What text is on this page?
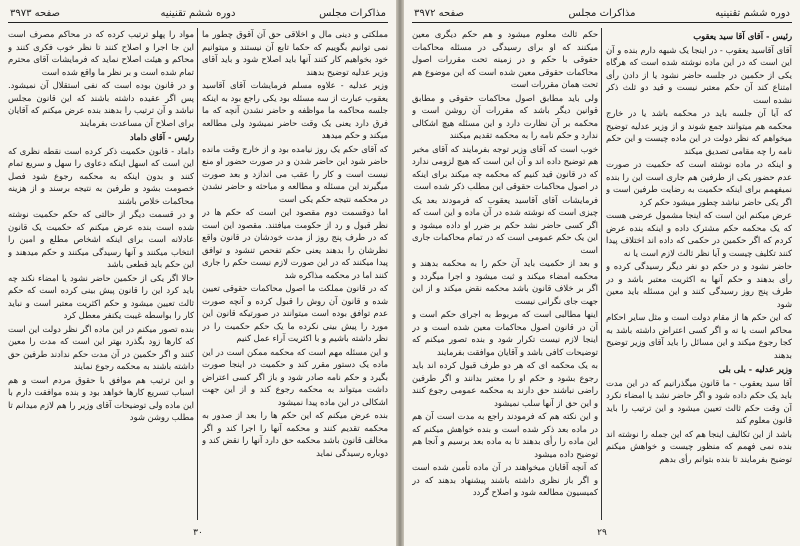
مذاکرات مجلس
دوره ششم تقنینیه
صفحه ۳۹۷۳

مملکتی و دینی مال و اخلاقی حق آن آقوق چطور ما نمی توانیم بگوییم که حکما تابع آن نیستند و میتوانیم خود بخواهیم کار کنند آنها باید اصلاح شود و باید آقای وزیر عدلیه توضیح بدهند

وزیر عدلیه - علاوه مسلم فرمایشات آقای آقاسید یعقوب عبارت از سه مسئله بود یکی راجع بود به اینکه جلسه محاکمه ما مواظفه و حاضر نشدن آنچه که ما فرق دارد یعنی یک وقت حاضر نمیشود ولی مطالعه میکند و حکم میدهد

که آقای حکم یک روز نیامده بود و از خارج وقت مانده حاضر شود این حاضر شدن و در صورت حضور او منع نیست است و کار را عقب می اندازد و بعد صورت میگیرند این مسئله و مطالعه و مباحثه و حاضر نشدن در محکمه نتیجه حکم یکی است

اما دوقسمت دوم مقصود این است که حکم ها در نظر قبول و رد از حکومت میافتند. مقصود این است که در طرف پنج روز از مدت خودشان در قانون واقع نظرشان را بدهند یعنی حکم تفحص تنشود و توافق پیدا میکنند که در این صورت لازم نیست حکم را جاری کنند اما در محکمه مذاکره شد

که در قانون مملکت ما اصول محاکمات حقوقی تعیین شده و قانون آن روش را قبول کرده و آنچه صورت عدم توافق بوده است میتوانند در صورتیکه قانون این مورد را پیش بینی نکرده ما یک حکم حکمیت را در نظر داشته باشیم و با اکثریت آراء عمل کنیم

و این مسئله مهم است که محکمه ممکن است در این ماده یک دستور مقرر کند و حکمیت در اینجا صورت بگیرد و حکم نامه صادر شود و باز اگر کسی اعتراض داشت میتواند به محکمه رجوع کند و از این جهت اشکالی در این ماده پیدا نمیشود

بنده عرض میکنم که این حکم ها را بعد از صدور به محکمه تقدیم کنند و محکمه آنها را اجرا کند و اگر مخالف قانون باشد محکمه حق دارد آنها را نقض کند و دوباره رسیدگی نماید

مواد را پهلو ترتیب کرده که در محاکم مصرف است این جا اجرا و اصلاح کنند تا نظر خوب فکری کنند و محاکم و هیئت اصلاح نماید که فرمایشات آقای محترم تمام شده است و بر نظر ما واقع شده است

و در قانون بوده است که نفی استقلال آن نمیشود. پس اگر عقیده داشته باشند که این قانون مجلس نباشد و آن ترتیب را بدهند بنده عرض میکنم که آقایان برای اصلاح آن مساعدت بفرمایند

رئیس - آقای داماد

داماد - قانون حکمیت ذکر کرده است نقطه نظری که این است که اسهل اینکه دعاوی را سهل و سریع تمام کنند و بدون اینکه به محکمه رجوع شود فصل خصومت بشود و طرفین به نتیجه برسند و از هزینه محاکمات خلاص باشند

و در قسمت دیگر از حالتی که حکم حکمیت نوشته شده است بنده عرض میکنم که حکمیت یک قانون عادلانه است برای اینکه اشخاص مطلع و امین را انتخاب میکنند و آنها رسیدگی میکنند و حکم میدهند و این حکم باید قطعی باشد

حالا اگر یکی از حکمین حاضر نشود یا امضاء نکند چه باید کرد این را قانون پیش بینی کرده است که حکم ثالث تعیین میشود و حکم اکثریت معتبر است و نباید کار را بواسطه غیبت یکنفر معطل کرد

بنده تصور میکنم در این ماده اگر نظر دولت این است که کارها زود بگذرد بهتر این است که مدت را معین کنند و اگر حکمین در آن مدت حکم ندادند طرفین حق داشته باشند به محکمه رجوع نمایند

و این ترتیب هم موافق با حقوق مردم است و هم اسباب تسریع کارها خواهد بود و بنده موافقت دارم با این ماده ولی توضیحات آقای وزیر را هم لازم میدانم تا مطلب روشن شود

۳۰
دوره ششم تقنینیه
مذاکرات مجلس
صفحه ۳۹۷۲
رئیس - آقای آقا سید یعقوب

آقای آقاسید یعقوب - در اینجا یک شبهه دارم بنده و آن این است که در این ماده نوشته شده است که هرگاه یکی از حکمین در جلسه حاضر نشود یا از دادن رأی امتناع کند آن حکم معتبر نیست و قید دو ثلث ذکر نشده است

که آیا آن جلسه باید در محکمه باشد یا در خارج محکمه هم میتوانند جمع شوند و از وزیر عدلیه توضیح میخواهم که نظر دولت در این ماده چیست و این حکم نامه را چه مقامی تصدیق میکند

و اینکه در ماده نوشته است که حکمیت در صورت عدم حضور یکی از طرفین هم جاری است این را بنده نمیفهمم برای اینکه حکمیت به رضایت طرفین است و اگر یکی حاضر نباشد چطور میشود حکم کرد

عرض میکنم این است که اینجا مشمول عرضی هست که یک محکمه حکم مشترک داده و اینکه بنده عرض کردم که اگر حکمین در حکمی که داده اند اختلاف پیدا کنند تکلیف چیست و آیا نظر ثالث لازم است یا نه

حاضر نشود و در حکم دو نفر دیگر رسیدگی کرده و رأی بدهند و حکم آنها به اکثریت معتبر باشد و در طرف پنج روز رسیدگی کنند و این مسئله باید معین شود

که این حکم ها از مقام دولت است و مثل سایر احکام محاکم است یا نه و اگر کسی اعتراض داشته باشد به کجا رجوع میکند و این مسائل را باید آقای وزیر توضیح بدهند

وزیر عدلیه - بلی بلی

آقا سید یعقوب - ما قانون میگذرانیم که در این مدت باید یک حکم داده شود و اگر حاضر نشد یا امضاء نکرد آن وقت حکم ثالث تعیین میشود و این ترتیب را باید قانون معلوم کند

باشد از این تکالیف اینجا هم که این جمله را نوشته اند بنده نمی فهمم که منظور چیست و خواهش میکنم توضیح بفرمایند تا بنده بتوانم رأی بدهم

حکم ثالث معلوم میشود و هم حکم دیگری معین میکنند که او برای رسیدگی در مسئله محاکمات حقوقی با حکم و در زمینه تحت مقررات اصول محاکمات حقوقی معین شده است که این موضوع هم تحت همان مقررات است

ولی باید مطابق اصول محاکمات حقوقی و مطابق قوانین دیگر باشد که مقررات آن روشن است و محکمه بر آن نظارت دارد و این مسئله هیچ اشکالی ندارد و حکم نامه را به محکمه تقدیم میکنند

خوب است که آقای وزیر توجه بفرمایند که آقای مخبر هم توضیح داده اند و آن این است که هیچ لزومی ندارد که در قانون قید کنیم که محکمه چه میکند برای اینکه در اصول محاکمات حقوقی این مطلب ذکر شده است

فرمایشات آقای آقاسید یعقوب که فرمودند بعد یک چیزی است که نوشته شده در آن ماده و این است که اگر کسی حاضر نشد حکم بر ضرر او داده میشود و این یک حکم عمومی است که در تمام محاکمات جاری است

و بعد از حکمیت باید آن حکم را به محکمه بدهند و محکمه امضاء میکند و ثبت میشود و اجرا میگردد و اگر بر خلاف قانون باشد محکمه نقض میکند و از این جهت جای نگرانی نیست

اینها مطالبی است که مربوط به اجرای حکم است و آن در قانون اصول محاکمات معین شده است و در اینجا لازم نیست تکرار شود و بنده تصور میکنم که توضیحات کافی باشد و آقایان موافقت بفرمایند

به یک محکمه ای که هر دو طرف قبول کرده اند باید رجوع بشود و حکم او را معتبر بدانند و اگر طرفین راضی نباشند حق دارند به محکمه عمومی رجوع کنند و این حق از آنها سلب نمیشود

و این نکته هم که فرمودند راجع به مدت است آن هم در ماده بعد ذکر شده است و بنده خواهش میکنم که این ماده را رأی بدهند تا به ماده بعد برسیم و آنجا هم توضیح داده میشود

که آنچه آقایان میخواهند در آن ماده تأمین شده است و اگر باز نظری داشته باشند پیشنهاد بدهند که در کمیسیون مطالعه شود و اصلاح گردد

۲۹
